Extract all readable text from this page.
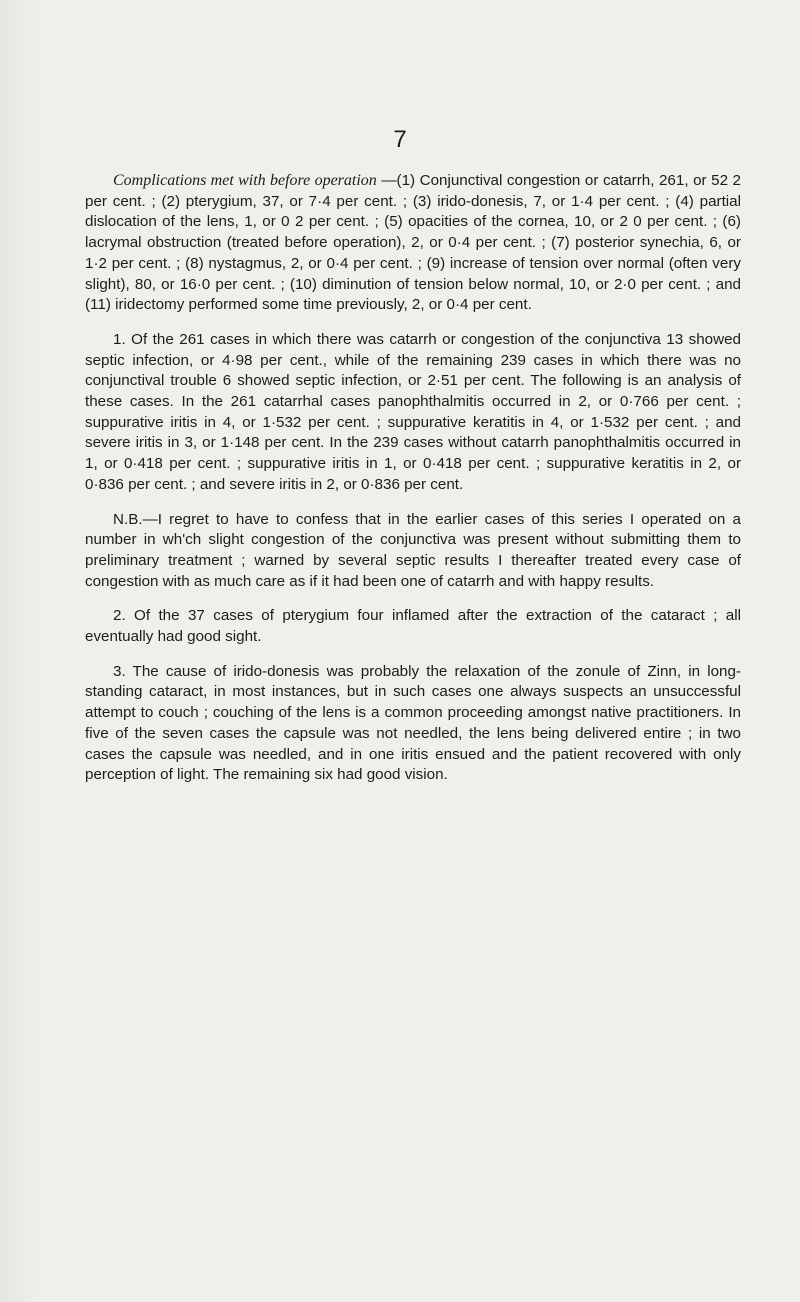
7

Complications met with before operation —(1) Conjunctival congestion or catarrh, 261, or 52 2 per cent. ; (2) pterygium, 37, or 7·4 per cent. ; (3) irido-donesis, 7, or 1·4 per cent. ; (4) partial dislocation of the lens, 1, or 0 2 per cent. ; (5) opacities of the cornea, 10, or 2 0 per cent. ; (6) lacrymal obstruction (treated before operation), 2, or 0·4 per cent. ; (7) posterior synechia, 6, or 1·2 per cent. ; (8) nystagmus, 2, or 0·4 per cent. ; (9) increase of tension over normal (often very slight), 80, or 16·0 per cent. ; (10) diminution of tension below normal, 10, or 2·0 per cent. ; and (11) iridectomy performed some time previously, 2, or 0·4 per cent.

1. Of the 261 cases in which there was catarrh or congestion of the conjunctiva 13 showed septic infection, or 4·98 per cent., while of the remaining 239 cases in which there was no conjunctival trouble 6 showed septic infection, or 2·51 per cent. The following is an analysis of these cases. In the 261 catarrhal cases panophthalmitis occurred in 2, or 0·766 per cent. ; suppurative iritis in 4, or 1·532 per cent. ; suppurative keratitis in 4, or 1·532 per cent. ; and severe iritis in 3, or 1·148 per cent. In the 239 cases without catarrh panophthalmitis occurred in 1, or 0·418 per cent. ; suppurative iritis in 1, or 0·418 per cent. ; suppurative keratitis in 2, or 0·836 per cent. ; and severe iritis in 2, or 0·836 per cent.

N.B.—I regret to have to confess that in the earlier cases of this series I operated on a number in wh'ch slight congestion of the conjunctiva was present without submitting them to preliminary treatment ; warned by several septic results I thereafter treated every case of congestion with as much care as if it had been one of catarrh and with happy results.

2. Of the 37 cases of pterygium four inflamed after the extraction of the cataract ; all eventually had good sight.

3. The cause of irido-donesis was probably the relaxation of the zonule of Zinn, in long-standing cataract, in most instances, but in such cases one always suspects an unsuccessful attempt to couch ; couching of the lens is a common proceeding amongst native practitioners. In five of the seven cases the capsule was not needled, the lens being delivered entire ; in two cases the capsule was needled, and in one iritis ensued and the patient recovered with only perception of light. The remaining six had good vision.
